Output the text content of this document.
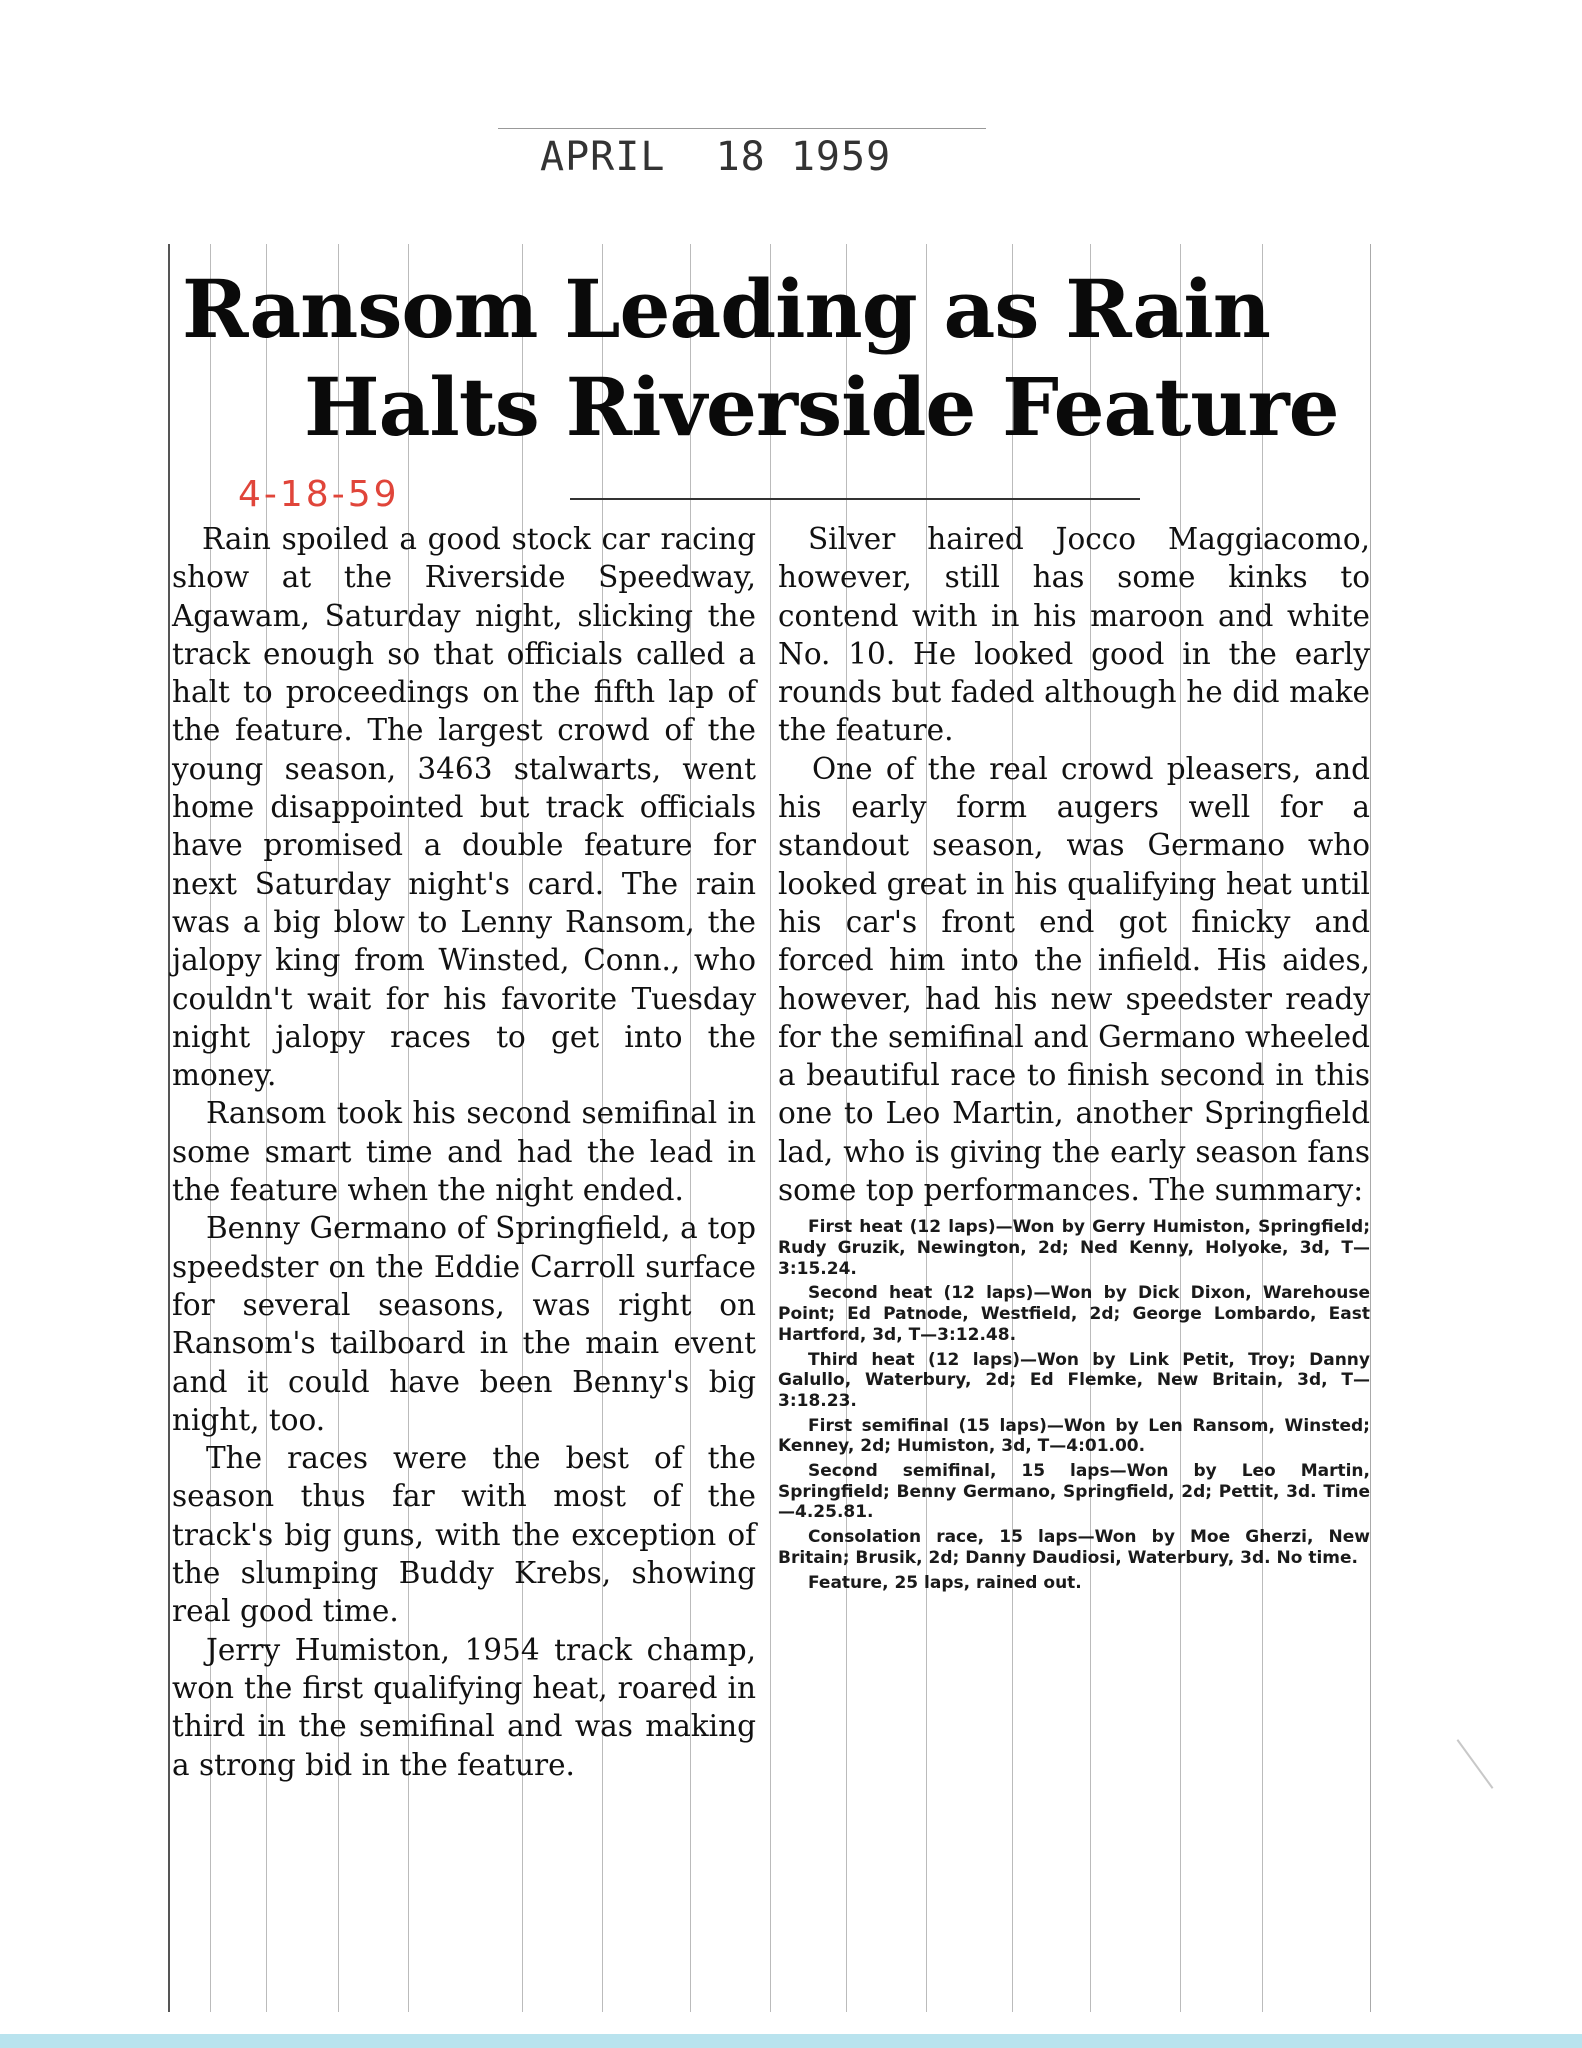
APRIL  18 1959
Ransom Leading as Rain
Halts Riverside Feature
4-18-59

Rain spoiled a good stock car racing show at the Riverside Speedway, Agawam, Saturday night, slicking the track enough so that officials called a halt to proceedings on the fifth lap of the feature. The largest crowd of the young season, 3463 stalwarts, went home disappointed but track officials have promised a double feature for next Saturday night's card. The rain was a big blow to Lenny Ransom, the jalopy king from Winsted, Conn., who couldn't wait for his favorite Tuesday night jalopy races to get into the money.

Ransom took his second semifinal in some smart time and had the lead in the feature when the night ended.

Benny Germano of Springfield, a top speedster on the Eddie Carroll surface for several seasons, was right on Ransom's tailboard in the main event and it could have been Benny's big night, too.

The races were the best of the season thus far with most of the track's big guns, with the exception of the slumping Buddy Krebs, showing real good time.

Jerry Humiston, 1954 track champ, won the first qualifying heat, roared in third in the semifinal and was making a strong bid in the feature.

Silver haired Jocco Maggiacomo, however, still has some kinks to contend with in his maroon and white No. 10. He looked good in the early rounds but faded although he did make the feature.

One of the real crowd pleasers, and his early form augers well for a standout season, was Germano who looked great in his qualifying heat until his car's front end got finicky and forced him into the infield. His aides, however, had his new speedster ready for the semifinal and Germano wheeled a beautiful race to finish second in this one to Leo Martin, another Springfield lad, who is giving the early season fans some top performances. The summary:

First heat (12 laps)—Won by Gerry Humiston, Springfield; Rudy Gruzik, Newington, 2d; Ned Kenny, Holyoke, 3d, T—3:15.24.

Second heat (12 laps)—Won by Dick Dixon, Warehouse Point; Ed Patnode, Westfield, 2d; George Lombardo, East Hartford, 3d, T—3:12.48.

Third heat (12 laps)—Won by Link Petit, Troy; Danny Galullo, Waterbury, 2d; Ed Flemke, New Britain, 3d, T—3:18.23.

First semifinal (15 laps)—Won by Len Ransom, Winsted; Kenney, 2d; Humiston, 3d, T—4:01.00.

Second semifinal, 15 laps—Won by Leo Martin, Springfield; Benny Germano, Springfield, 2d; Pettit, 3d. Time —4.25.81.

Consolation race, 15 laps—Won by Moe Gherzi, New Britain; Brusik, 2d; Danny Daudiosi, Waterbury, 3d. No time.

Feature, 25 laps, rained out.
